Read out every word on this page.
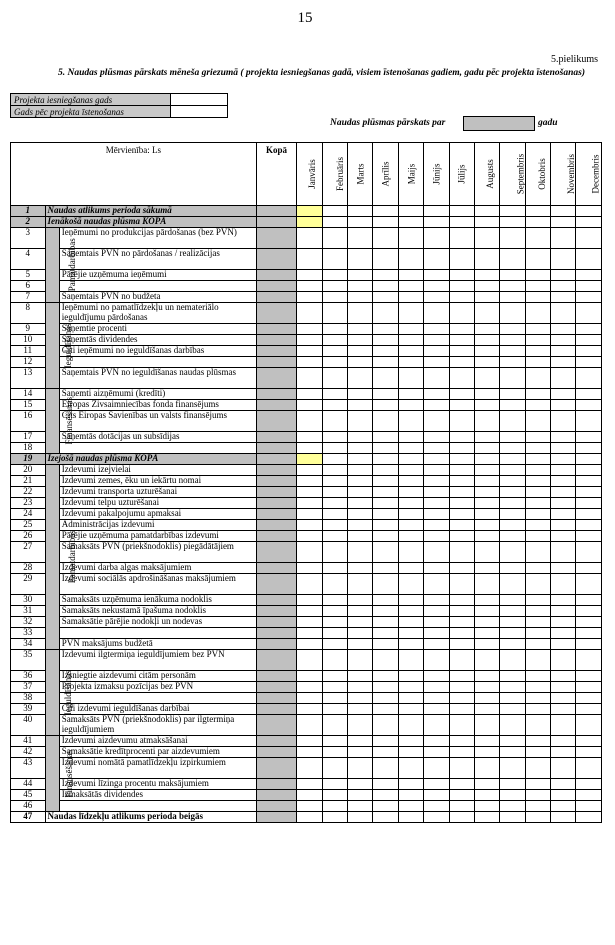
15
5.pielikums
5. Naudas plūsmas pārskats mēneša griezumā ( projekta iesniegšanas gadā, visiem īstenošanas gadiem, gadu pēc projekta īstenošanas)
Projekta iesniegšanas gads	
Gads pēc projekta īstenošanas	
Naudas plūsmas pārskats par	gadu
Mērvienība: Ls			Kopā	Janvāris	Februāris	Marts	Aprīlis	Maijs	Jūnijs	Jūlijs	Augusts	Septembris	Oktobris	Novembris	Decembris
1	Naudas atlikums perioda sākumā														
2	Ienākošā naudas plūsma KOPĀ														
3	Pamatdarbības	Ieņēmumi no produkcijas pārdošanas (bez PVN)													
4		Saņemtais PVN no pārdošanas / realizācijas													
5		Pārējie uzņēmuma ieņēmumi													
6															
7		Saņemtais PVN no budžeta													
8	Ieguldīšanas	Ieņēmumi no pamatlīdzekļu un nemateriālo ieguldījumu pārdošanas													
9		Saņemtie procenti													
10		Saņemtās dividendes													
11		Citi ieņēmumi no ieguldīšanas darbības													
12															
13		Saņemtais PVN no ieguldīšanas naudas plūsmas													
14	Finansēšanas	Saņemti aizņēmumi (kredīti)													
15		Eiropas Zivsaimniecības fonda finansējums													
16		Cits Eiropas Savienības un valsts finansējums													
17		Saņemtās dotācijas un subsīdijas													
18															
19	Izejošā naudas plūsma KOPĀ														
20	Pamatdarbības	Izdevumi izejvielai													
21		Izdevumi zemes, ēku un iekārtu nomai													
22		Izdevumi transporta uzturēšanai													
23		Izdevumi telpu uzturēšanai													
24		Izdevumi pakalpojumu apmaksai													
25		Administrācijas izdevumi													
26		Pārējie uzņēmuma pamatdarbības izdevumi													
27		Samaksāts PVN (priekšnodoklis) piegādātājiem													
28		Izdevumi darba algas maksājumiem													
29		Izdevumi sociālās apdrošināšanas maksājumiem													
30		Samaksāts uzņēmuma ienākuma nodoklis													
31		Samaksāts nekustamā īpašuma nodoklis													
32		Samaksātie pārējie nodokļi un nodevas													
33															
34		PVN maksājums budžetā													
35	Ieguldīšanas	Izdevumi ilgtermiņa ieguldījumiem bez PVN													
36		Izsniegtie aizdevumi citām personām													
37		Projekta izmaksu pozīcijas bez PVN													
38															
39		Citi izdevumi ieguldīšanas darbībai													
40		Samaksāts PVN (priekšnodoklis) par ilgtermiņa ieguldījumiem													
41	Finansēšanas	Izdevumi aizdevumu atmaksāšanai													
42		Samaksātie kredītprocenti par aizdevumiem													
43		Izdevumi nomātā pamatlīdzekļu izpirkumiem													
44		Izdevumi līzinga procentu maksājumiem													
45		Izmaksātās dividendes													
46															
47	Naudas līdzekļu atlikums perioda beigās														
